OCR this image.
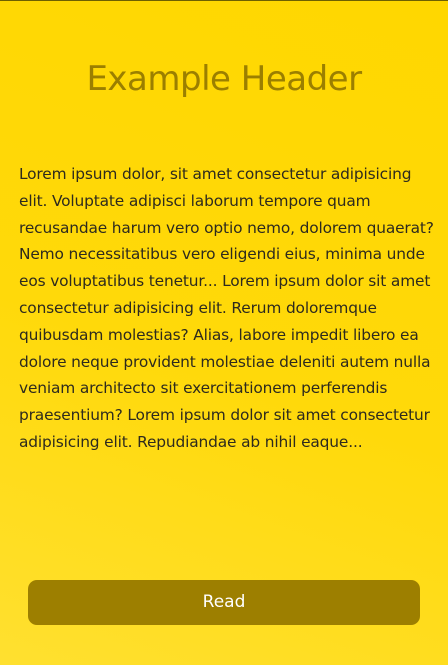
Example Header

Lorem ipsum dolor, sit amet consectetur adipisicing elit. Voluptate adipisci laborum tempore quam recusandae harum vero optio nemo, dolorem quaerat? Nemo necessitatibus vero eligendi eius, minima unde eos voluptatibus tenetur... Lorem ipsum dolor sit amet consectetur adipisicing elit. Rerum doloremque quibusdam molestias? Alias, labore impedit libero ea dolore neque provident molestiae deleniti autem nulla veniam architecto sit exercitationem perferendis praesentium? Lorem ipsum dolor sit amet consectetur adipisicing elit. Repudiandae ab nihil eaque...

Read
